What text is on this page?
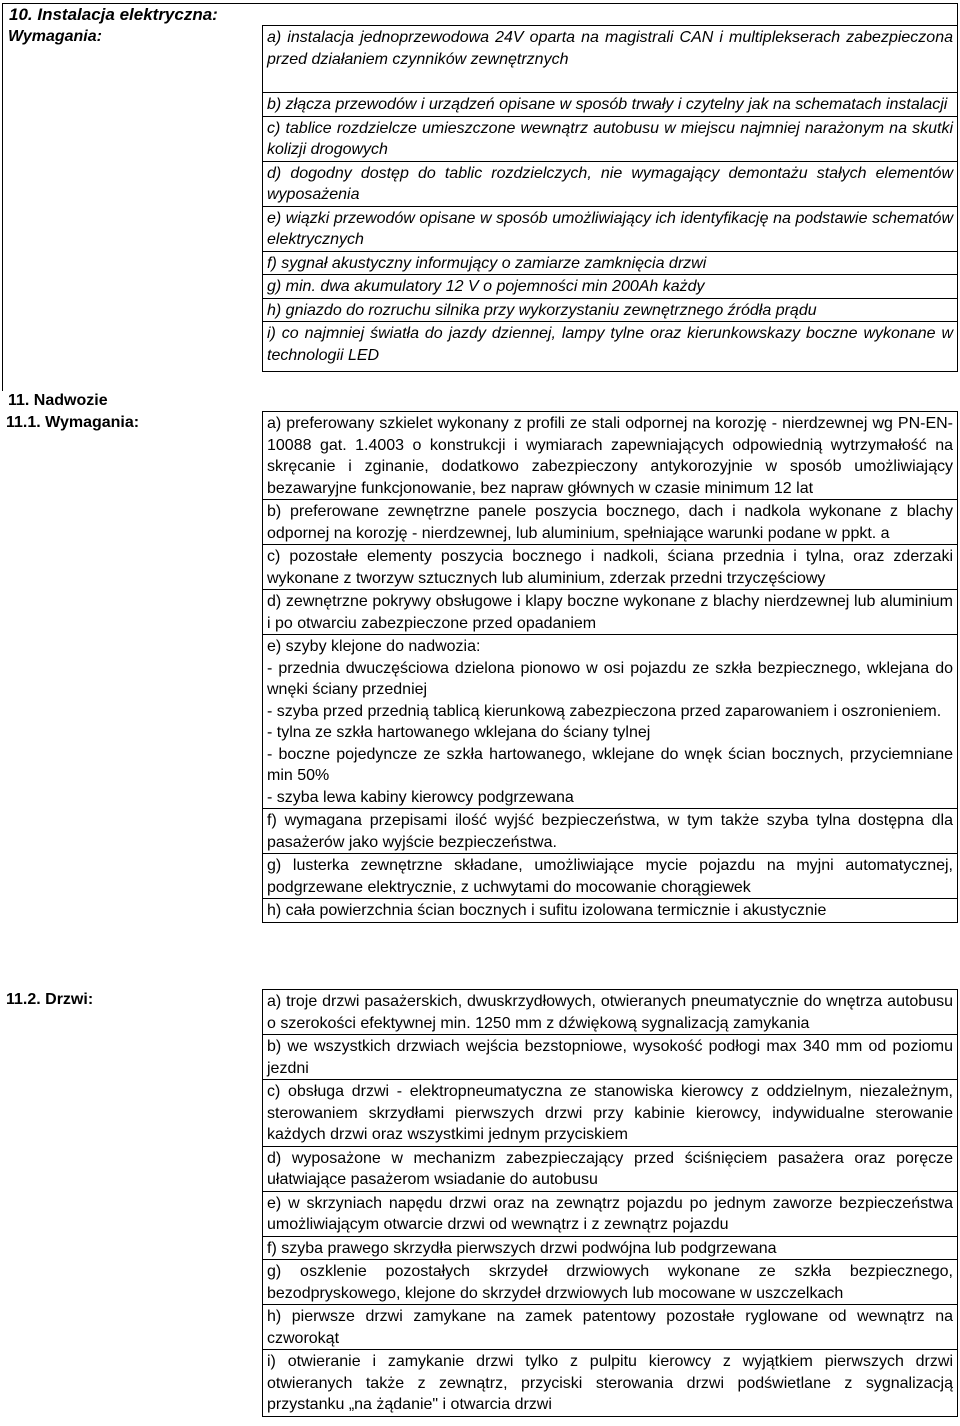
10. Instalacja elektryczna:
Wymagania:	a) instalacja jednoprzewodowa 24V oparta na magistrali CAN i multiplekserach zabezpieczona przed działaniem czynników zewnętrznych
b) złącza przewodów i urządzeń opisane w sposób trwały i czytelny jak na schematach instalacji
c) tablice rozdzielcze umieszczone wewnątrz autobusu w miejscu najmniej narażonym na skutki kolizji drogowych
d) dogodny dostęp do tablic rozdzielczych, nie wymagający demontażu stałych elementów wyposażenia
e) wiązki przewodów opisane w sposób umożliwiający ich identyfikację na podstawie schematów elektrycznych
f) sygnał akustyczny informujący o zamiarze zamknięcia drzwi
g) min. dwa akumulatory 12 V o pojemności min 200Ah każdy
h) gniazdo do rozruchu silnika przy wykorzystaniu zewnętrznego źródła prądu
i) co najmniej światła do jazdy dziennej, lampy tylne oraz kierunkowskazy boczne wykonane w technologii LED
11. Nadwozie
11.1. Wymagania:	a) preferowany szkielet wykonany z profili ze stali odpornej na korozję - nierdzewnej wg PN-EN-10088 gat. 1.4003 o konstrukcji i wymiarach zapewniających odpowiednią wytrzymałość na skręcanie i zginanie, dodatkowo zabezpieczony antykorozyjnie w sposób umożliwiający bezawaryjne funkcjonowanie, bez napraw głównych w czasie minimum 12 lat
b) preferowane zewnętrzne panele poszycia bocznego, dach i nadkola wykonane z blachy odpornej na korozję - nierdzewnej, lub aluminium, spełniające warunki podane w ppkt. a
c) pozostałe elementy poszycia bocznego i nadkoli, ściana przednia i tylna, oraz zderzaki wykonane z tworzyw sztucznych lub aluminium, zderzak przedni trzyczęściowy
d) zewnętrzne pokrywy obsługowe i klapy boczne wykonane z blachy nierdzewnej lub aluminium i po otwarciu zabezpieczone przed opadaniem
e) szyby klejone do nadwozia:
- przednia dwuczęściowa dzielona pionowo w osi pojazdu ze szkła bezpiecznego, wklejana do wnęki ściany przedniej
- szyba przed przednią tablicą kierunkową zabezpieczona przed zaparowaniem i oszronieniem.
- tylna ze szkła hartowanego wklejana do ściany tylnej
- boczne pojedyncze ze szkła hartowanego, wklejane do wnęk ścian bocznych, przyciemniane min 50%
- szyba lewa kabiny kierowcy podgrzewana
f) wymagana przepisami ilość wyjść bezpieczeństwa, w tym także szyba tylna dostępna dla pasażerów jako wyjście bezpieczeństwa.
g) lusterka zewnętrzne składane, umożliwiające mycie pojazdu na myjni automatycznej, podgrzewane elektrycznie, z uchwytami do mocowanie chorągiewek
h) cała powierzchnia ścian bocznych i sufitu izolowana termicznie i akustycznie
11.2. Drzwi:	a) troje drzwi pasażerskich, dwuskrzydłowych, otwieranych pneumatycznie do wnętrza autobusu o szerokości efektywnej min. 1250 mm z dźwiękową sygnalizacją zamykania
b) we wszystkich drzwiach wejścia bezstopniowe, wysokość podłogi max 340 mm od poziomu jezdni
c) obsługa drzwi - elektropneumatyczna ze stanowiska kierowcy z oddzielnym, niezależnym, sterowaniem skrzydłami pierwszych drzwi przy kabinie kierowcy, indywidualne sterowanie każdych drzwi oraz wszystkimi jednym przyciskiem
d) wyposażone w mechanizm zabezpieczający przed ściśnięciem pasażera oraz poręcze ułatwiające pasażerom wsiadanie do autobusu
e) w skrzyniach napędu drzwi oraz na zewnątrz pojazdu po jednym zaworze bezpieczeństwa umożliwiającym otwarcie drzwi od wewnątrz i z zewnątrz pojazdu
f) szyba prawego skrzydła pierwszych drzwi podwójna lub podgrzewana
g) oszklenie pozostałych skrzydeł drzwiowych wykonane ze szkła bezpiecznego, bezodpryskowego, klejone do skrzydeł drzwiowych lub mocowane w uszczelkach
h) pierwsze drzwi zamykane na zamek patentowy pozostałe ryglowane od wewnątrz na czworokąt
i) otwieranie i zamykanie drzwi tylko z pulpitu kierowcy z wyjątkiem pierwszych drzwi otwieranych także z zewnątrz, przyciski sterowania drzwi podświetlane z sygnalizacją przystanku „na żądanie" i otwarcia drzwi
